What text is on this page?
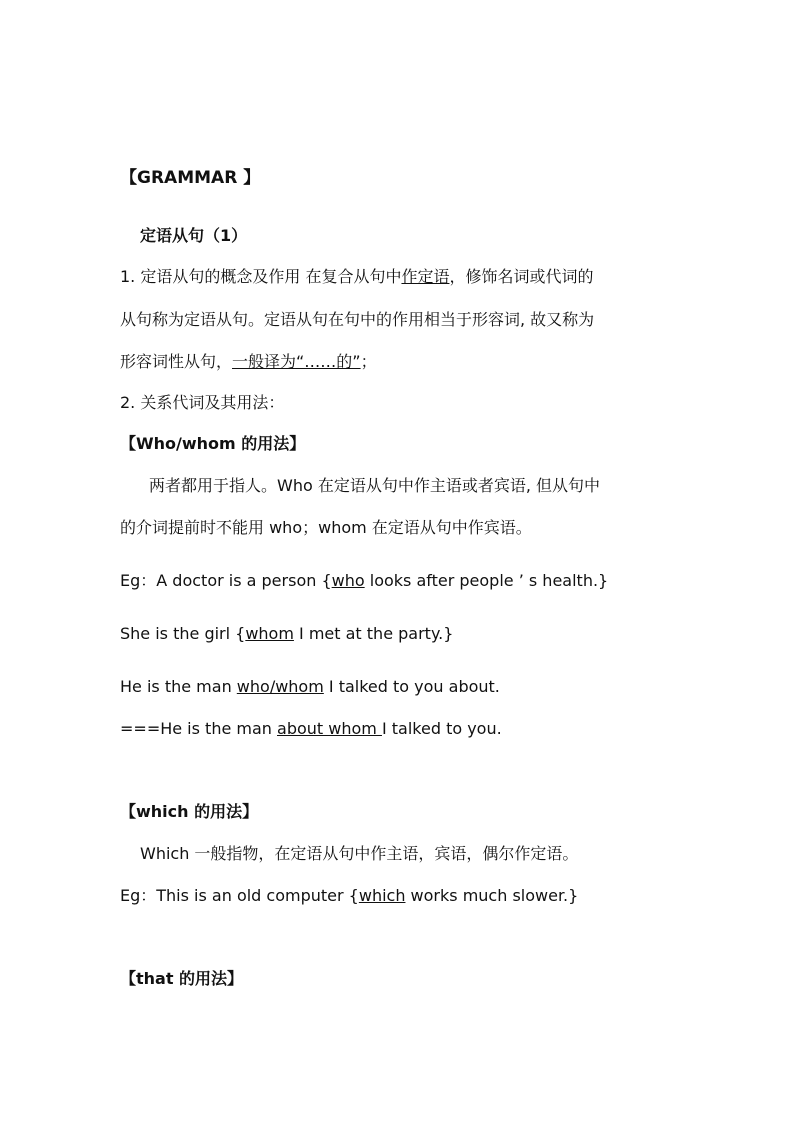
【GRAMMAR 】
定语从句（1）
1. 定语从句的概念及作用 在复合从句中作定语，修饰名词或代词的
从句称为定语从句。定语从句在句中的作用相当于形容词, 故又称为
形容词性从句，一般译为“……的”；
2. 关系代词及其用法：
【Who/whom 的用法】
两者都用于指人。Who 在定语从句中作主语或者宾语, 但从句中
的介词提前时不能用 who；whom 在定语从句中作宾语。
Eg：A doctor is a person {who looks after people ’ s health.}
She is the girl {whom I met at the party.}
He is the man who/whom I talked to you about.
===He is the man about whom I talked to you.
【which 的用法】
Which 一般指物，在定语从句中作主语，宾语，偶尔作定语。
Eg：This is an old computer {which works much slower.}
【that 的用法】
